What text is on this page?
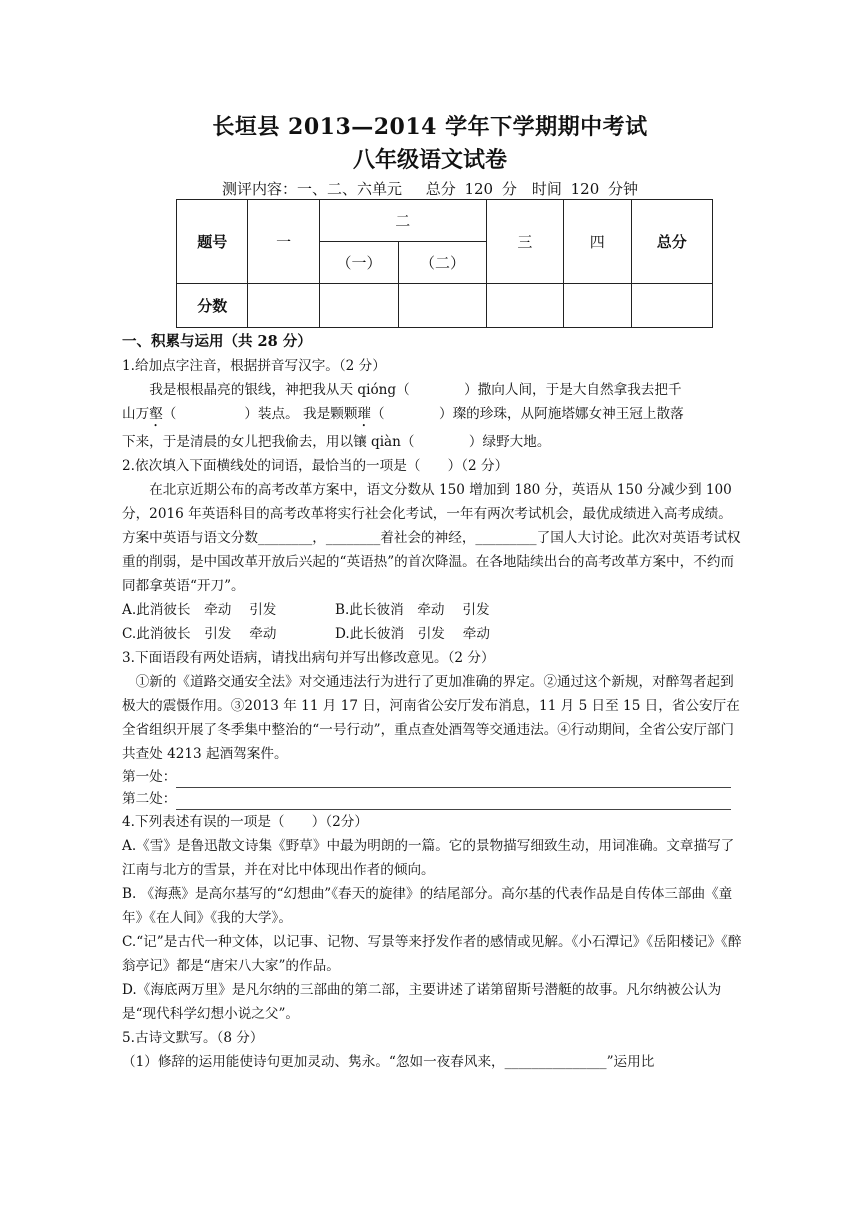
长垣县 2013—2014 学年下学期期中考试
八年级语文试卷
测评内容：一、二、六单元　 总分 120 分　时间 120 分钟
题号	一	二		三	四	总分
		（一）	（二）			
分数						

一、积累与运用（共 28 分）

1.给加点字注音，根据拼音写汉字。（2 分）

我是根根晶亮的银线，神把我从天 qióng（　　　　）撒向人间，于是大自然拿我去把千

山万壑（　　　　　）装点。 我是颗颗璀（　　　　）璨的珍珠，从阿施塔娜女神王冠上散落

下来，于是清晨的女儿把我偷去，用以镶 qiàn（　　　　）绿野大地。

2.依次填入下面横线处的词语，最恰当的一项是（　　）（2 分）

在北京近期公布的高考改革方案中，语文分数从 150 增加到 180 分，英语从 150 分减少到 100 分，2016 年英语科目的高考改革将实行社会化考试，一年有两次考试机会，最优成绩进入高考成绩。方案中英语与语文分数________，________着社会的神经，_________了国人大讨论。此次对英语考试权重的削弱，是中国改革开放后兴起的“英语热”的首次降温。在各地陆续出台的高考改革方案中，不约而同都拿英语“开刀”。

A.此消彼长　牵动　 引发	B.此长彼消　牵动　 引发

C.此消彼长　引发　 牵动	D.此长彼消　引发　 牵动

3.下面语段有两处语病，请找出病句并写出修改意见。（2 分）

①新的《道路交通安全法》对交通违法行为进行了更加准确的界定。②通过这个新规，对醉驾者起到极大的震慑作用。③2013 年 11 月 17 日，河南省公安厅发布消息，11 月 5 日至 15 日，省公安厅在全省组织开展了冬季集中整治的“一号行动”，重点查处酒驾等交通违法。④行动期间，全省公安厅部门共查处 4213 起酒驾案件。

第一处：

第二处：

4.下列表述有误的一项是（　　）（2分）

A.《雪》是鲁迅散文诗集《野草》中最为明朗的一篇。它的景物描写细致生动，用词准确。文章描写了江南与北方的雪景，并在对比中体现出作者的倾向。

B. 《海燕》是高尔基写的“幻想曲”《春天的旋律》的结尾部分。高尔基的代表作品是自传体三部曲《童年》《在人间》《我的大学》。

C.“记”是古代一种文体，以记事、记物、写景等来抒发作者的感情或见解。《小石潭记》《岳阳楼记》《醉翁亭记》都是“唐宋八大家”的作品。

D.《海底两万里》是凡尔纳的三部曲的第二部，主要讲述了诺第留斯号潜艇的故事。凡尔纳被公认为是“现代科学幻想小说之父”。

5.古诗文默写。（8 分）

（1）修辞的运用能使诗句更加灵动、隽永。“忽如一夜春风来，_______________”运用比
